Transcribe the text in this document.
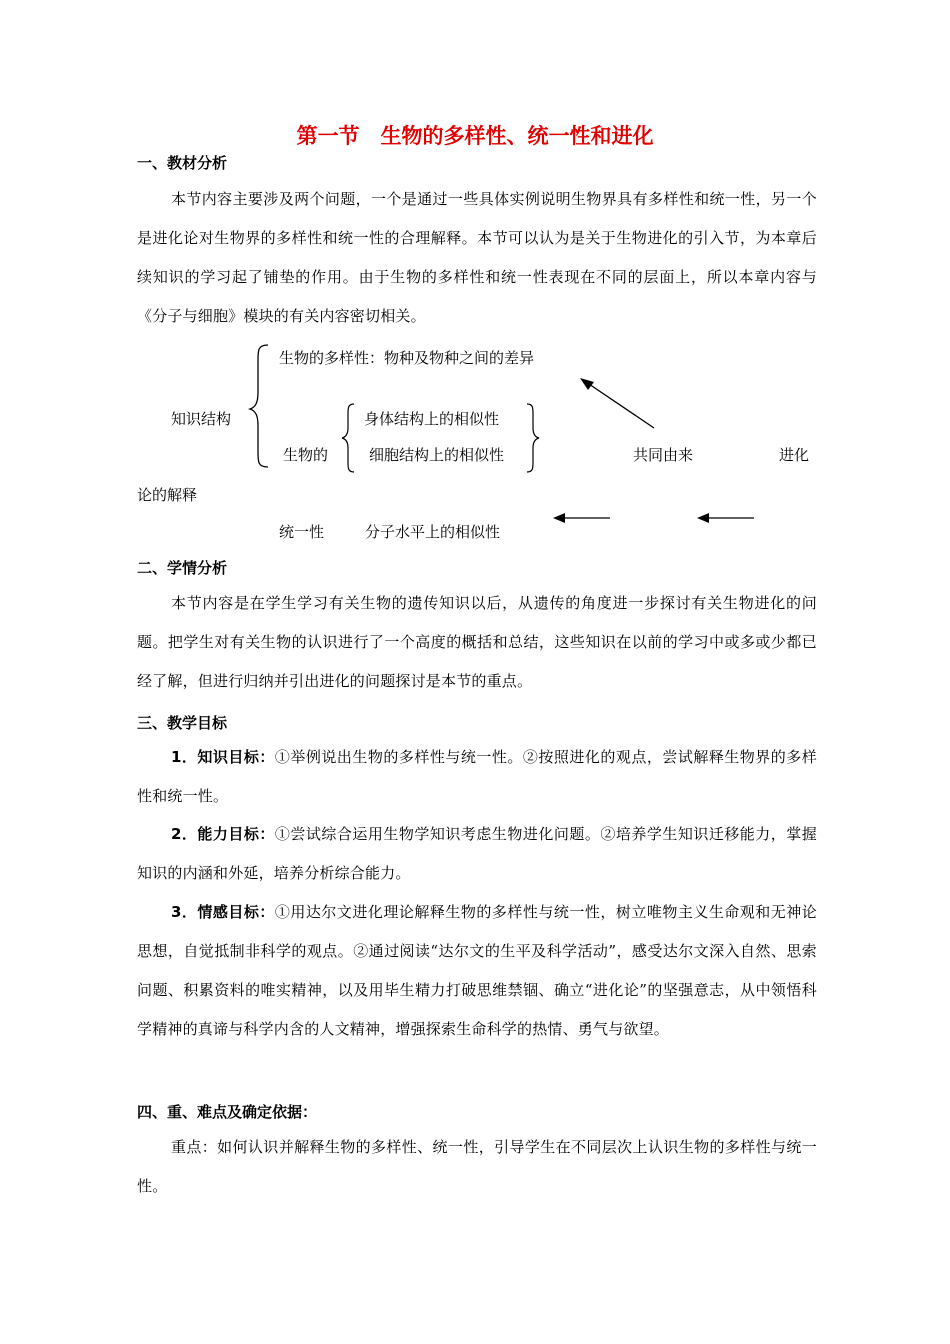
第一节　生物的多样性、统一性和进化
一、教材分析
本节内容主要涉及两个问题，一个是通过一些具体实例说明生物界具有多样性和统一性，另一个是进化论对生物界的多样性和统一性的合理解释。本节可以认为是关于生物进化的引入节，为本章后续知识的学习起了铺垫的作用。由于生物的多样性和统一性表现在不同的层面上，所以本章内容与《分子与细胞》模块的有关内容密切相关。
生物的多样性：物种及物种之间的差异
知识结构	身体结构上的相似性
生物的	细胞结构上的相似性	共同由来	进化
论的解释
统一性	分子水平上的相似性
二、学情分析
本节内容是在学生学习有关生物的遗传知识以后，从遗传的角度进一步探讨有关生物进化的问题。把学生对有关生物的认识进行了一个高度的概括和总结，这些知识在以前的学习中或多或少都已经了解，但进行归纳并引出进化的问题探讨是本节的重点。
三、教学目标
1．知识目标：①举例说出生物的多样性与统一性。②按照进化的观点，尝试解释生物界的多样性和统一性。
2．能力目标：①尝试综合运用生物学知识考虑生物进化问题。②培养学生知识迁移能力，掌握知识的内涵和外延，培养分析综合能力。
3．情感目标：①用达尔文进化理论解释生物的多样性与统一性，树立唯物主义生命观和无神论思想，自觉抵制非科学的观点。②通过阅读“达尔文的生平及科学活动”，感受达尔文深入自然、思索问题、积累资料的唯实精神，以及用毕生精力打破思维禁锢、确立“进化论”的坚强意志，从中领悟科学精神的真谛与科学内含的人文精神，增强探索生命科学的热情、勇气与欲望。
四、重、难点及确定依据：
重点：如何认识并解释生物的多样性、统一性，引导学生在不同层次上认识生物的多样性与统一性。
